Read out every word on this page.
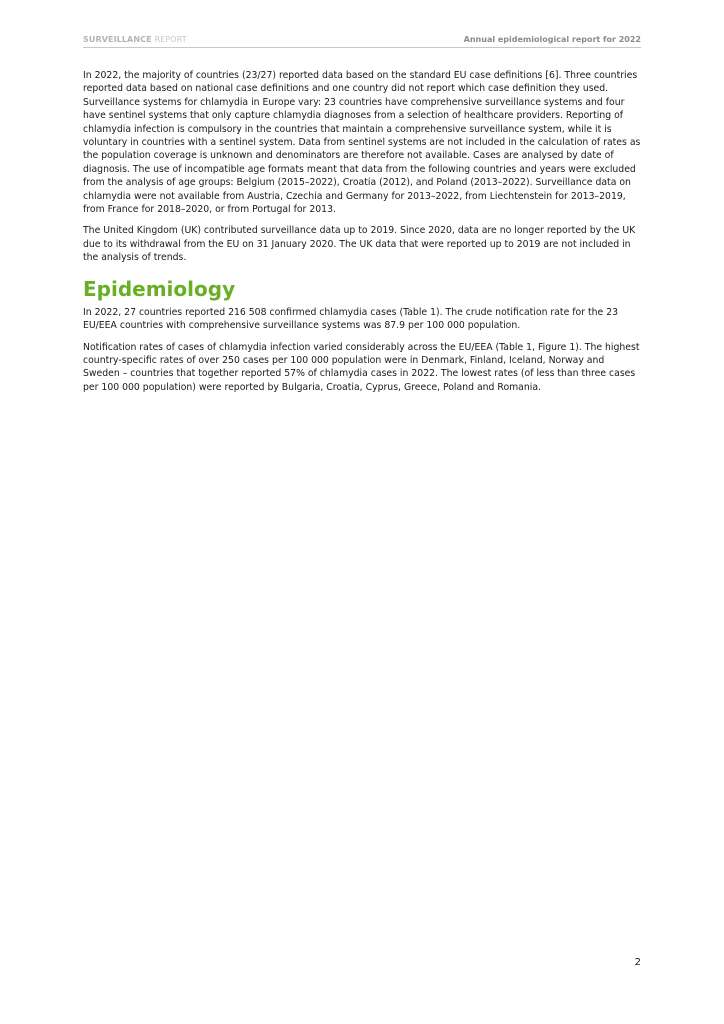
SURVEILLANCE REPORT	Annual epidemiological report for 2022

In 2022, the majority of countries (23/27) reported data based on the standard EU case definitions [6]. Three countries reported data based on national case definitions and one country did not report which case definition they used. Surveillance systems for chlamydia in Europe vary: 23 countries have comprehensive surveillance systems and four have sentinel systems that only capture chlamydia diagnoses from a selection of healthcare providers. Reporting of chlamydia infection is compulsory in the countries that maintain a comprehensive surveillance system, while it is voluntary in countries with a sentinel system. Data from sentinel systems are not included in the calculation of rates as the population coverage is unknown and denominators are therefore not available. Cases are analysed by date of diagnosis. The use of incompatible age formats meant that data from the following countries and years were excluded from the analysis of age groups: Belgium (2015–2022), Croatia (2012), and Poland (2013–2022). Surveillance data on chlamydia were not available from Austria, Czechia and Germany for 2013–2022, from Liechtenstein for 2013–2019, from France for 2018–2020, or from Portugal for 2013.

The United Kingdom (UK) contributed surveillance data up to 2019. Since 2020, data are no longer reported by the UK due to its withdrawal from the EU on 31 January 2020. The UK data that were reported up to 2019 are not included in the analysis of trends.

Epidemiology

In 2022, 27 countries reported 216 508 confirmed chlamydia cases (Table 1). The crude notification rate for the 23 EU/EEA countries with comprehensive surveillance systems was 87.9 per 100 000 population.

Notification rates of cases of chlamydia infection varied considerably across the EU/EEA (Table 1, Figure 1). The highest country-specific rates of over 250 cases per 100 000 population were in Denmark, Finland, Iceland, Norway and Sweden – countries that together reported 57% of chlamydia cases in 2022. The lowest rates (of less than three cases per 100 000 population) were reported by Bulgaria, Croatia, Cyprus, Greece, Poland and Romania.

2
